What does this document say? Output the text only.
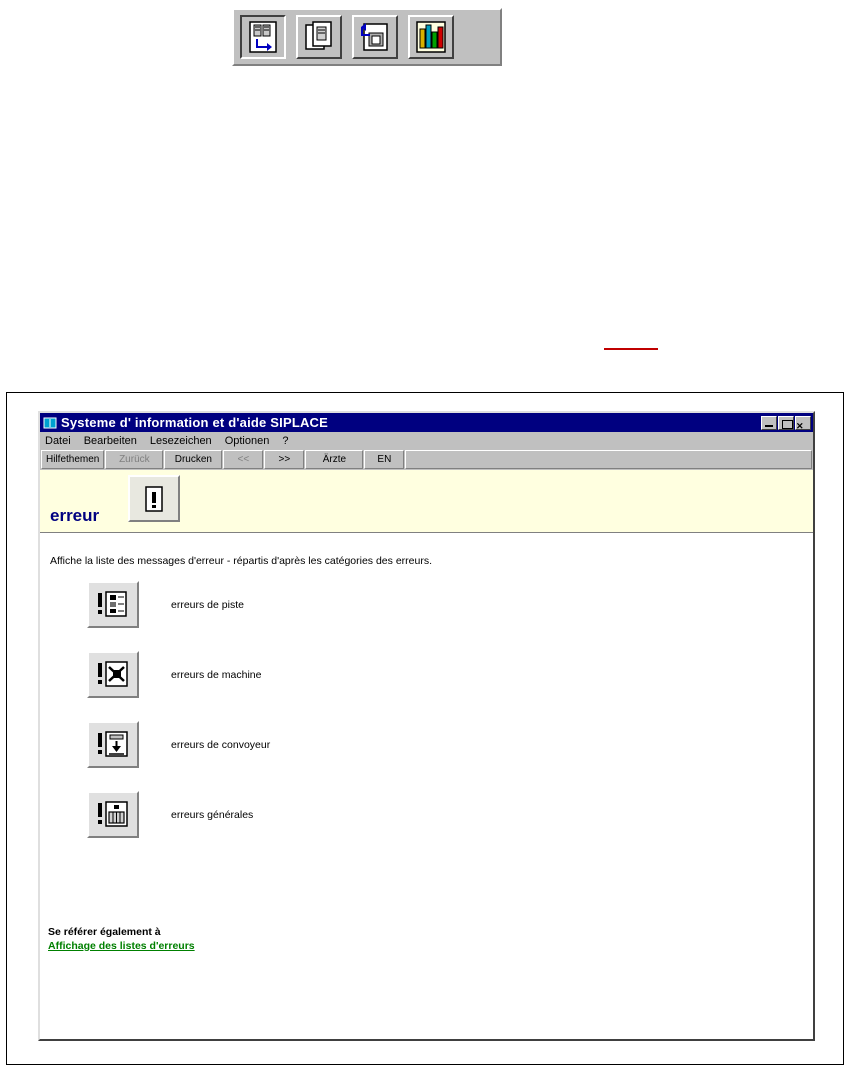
Systeme d' information et d'aide SIPLACE	✕
Datei Bearbeiten Lesezeichen Optionen ?
Hilfethemen	Zurück	Drucken	<<	>>	Ärzte	EN
erreur
Affiche la liste des messages d'erreur - répartis d'après les catégories des erreurs.
erreurs de piste
erreurs de machine
erreurs de convoyeur
erreurs générales
Se référer également à
Affichage des listes d'erreurs
